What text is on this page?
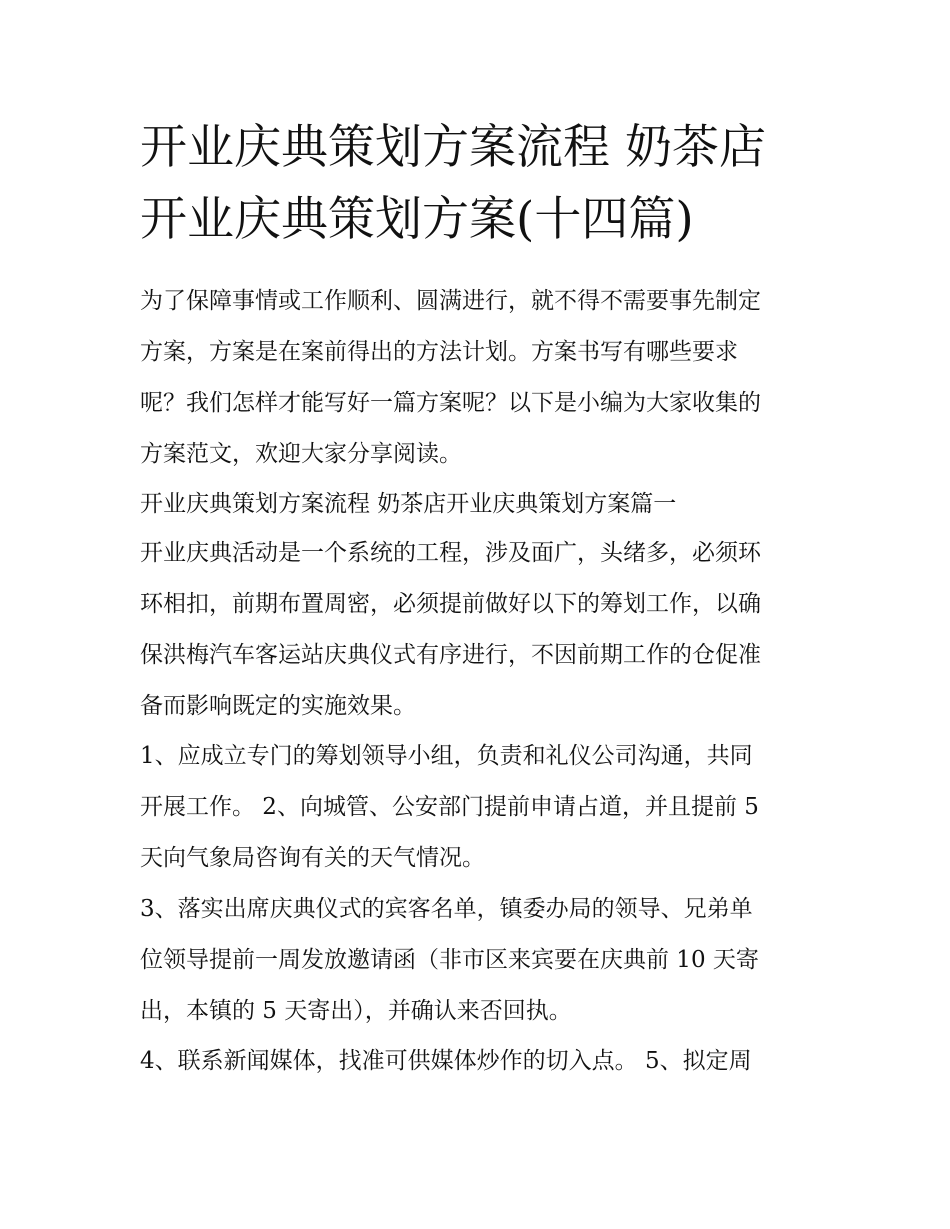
开业庆典策划方案流程 奶茶店
开业庆典策划方案(十四篇)

为了保障事情或工作顺利、圆满进行，就不得不需要事先制定
方案，方案是在案前得出的方法计划。方案书写有哪些要求
呢？我们怎样才能写好一篇方案呢？以下是小编为大家收集的
方案范文，欢迎大家分享阅读。

开业庆典策划方案流程 奶茶店开业庆典策划方案篇一

开业庆典活动是一个系统的工程，涉及面广，头绪多，必须环
环相扣，前期布置周密，必须提前做好以下的筹划工作，以确
保洪梅汽车客运站庆典仪式有序进行，不因前期工作的仓促准
备而影响既定的实施效果。

1、应成立专门的筹划领导小组，负责和礼仪公司沟通，共同
开展工作。 2、向城管、公安部门提前申请占道，并且提前 5
天向气象局咨询有关的天气情况。

3、落实出席庆典仪式的宾客名单，镇委办局的领导、兄弟单
位领导提前一周发放邀请函（非市区来宾要在庆典前 10 天寄
出，本镇的 5 天寄出），并确认来否回执。

4、联系新闻媒体，找准可供媒体炒作的切入点。 5、拟定周
